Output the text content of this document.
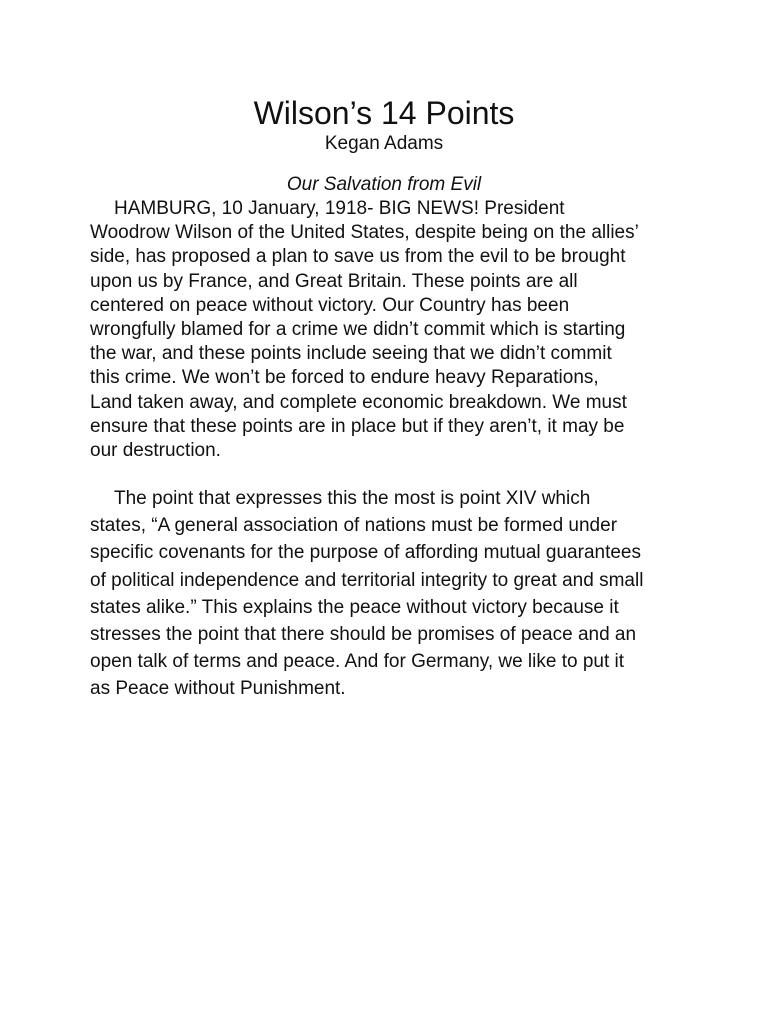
Wilson’s 14 Points
Kegan Adams
Our Salvation from Evil
HAMBURG, 10 January, 1918- BIG NEWS! President
Woodrow Wilson of the United States, despite being on the allies’
side, has proposed a plan to save us from the evil to be brought
upon us by France, and Great Britain. These points are all
centered on peace without victory. Our Country has been
wrongfully blamed for a crime we didn’t commit which is starting
the war, and these points include seeing that we didn’t commit
this crime. We won’t be forced to endure heavy Reparations,
Land taken away, and complete economic breakdown. We must
ensure that these points are in place but if they aren’t, it may be
our destruction.
The point that expresses this the most is point XIV which
states, “A general association of nations must be formed under
specific covenants for the purpose of affording mutual guarantees
of political independence and territorial integrity to great and small
states alike.” This explains the peace without victory because it
stresses the point that there should be promises of peace and an
open talk of terms and peace. And for Germany, we like to put it
as Peace without Punishment.
